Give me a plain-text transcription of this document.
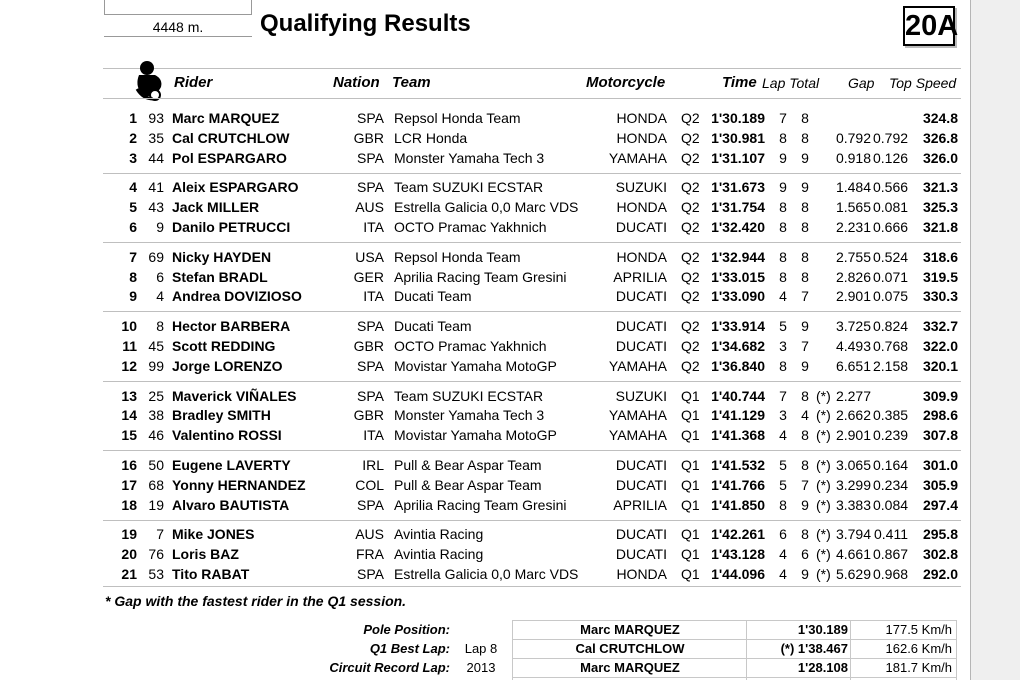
4448 m.	Qualifying Results	20A
Rider	Nation Team	Motorcycle	Time Lap Total Gap Top Speed
1 93 Marc MARQUEZ	SPA Repsol Honda Team	HONDA Q2 1'30.189 7 8	324.8
2 35 Cal CRUTCHLOW	GBR LCR Honda	HONDA Q2 1'30.981 8 8	0.792 0.792	326.8
3 44 Pol ESPARGARO	SPA Monster Yamaha Tech 3	YAMAHA Q2 1'31.107 9 9	0.918 0.126	326.0
4 41 Aleix ESPARGARO	SPA Team SUZUKI ECSTAR	SUZUKI Q2 1'31.673 9 9	1.484 0.566	321.3
5 43 Jack MILLER	AUS Estrella Galicia 0,0 Marc VDS	HONDA Q2 1'31.754 8 8	1.565 0.081	325.3
6	9 Danilo PETRUCCI	ITA OCTO Pramac Yakhnich	DUCATI Q2 1'32.420 8 8	2.231 0.666	321.8
7 69 Nicky HAYDEN	USA Repsol Honda Team	HONDA Q2 1'32.944 8 8	2.755 0.524	318.6
8	6 Stefan BRADL	GER Aprilia Racing Team Gresini	APRILIA Q2 1'33.015 8 8	2.826 0.071	319.5
9	4 Andrea DOVIZIOSO	ITA Ducati Team	DUCATI Q2 1'33.090 4 7	2.901 0.075	330.3
10	8 Hector BARBERA	SPA Ducati Team	DUCATI Q2 1'33.914 5 9	3.725 0.824	332.7
11 45 Scott REDDING	GBR OCTO Pramac Yakhnich	DUCATI Q2 1'34.682 3 7	4.493 0.768	322.0
12 99 Jorge LORENZO	SPA Movistar Yamaha MotoGP	YAMAHA Q2 1'36.840 8 9	6.651 2.158	320.1
13 25 Maverick VIÑALES	SPA Team SUZUKI ECSTAR	SUZUKI Q1 1'40.744 7 8 (*) 2.277	309.9
14 38 Bradley SMITH	GBR Monster Yamaha Tech 3	YAMAHA Q1 1'41.129 3 4 (*) 2.662 0.385	298.6
15 46 Valentino ROSSI	ITA Movistar Yamaha MotoGP	YAMAHA Q1 1'41.368 4 8 (*) 2.901 0.239	307.8
16 50 Eugene LAVERTY	IRL Pull & Bear Aspar Team	DUCATI Q1 1'41.532 5 8 (*) 3.065 0.164	301.0
17 68 Yonny HERNANDEZ	COL Pull & Bear Aspar Team	DUCATI Q1 1'41.766 5 7 (*) 3.299 0.234	305.9
18 19 Alvaro BAUTISTA	SPA Aprilia Racing Team Gresini	APRILIA Q1 1'41.850 8 9 (*) 3.383 0.084	297.4
19	7 Mike JONES	AUS Avintia Racing	DUCATI Q1 1'42.261 6 8 (*) 3.794 0.411	295.8
20 76 Loris BAZ	FRA Avintia Racing	DUCATI Q1 1'43.128 4 6 (*) 4.661 0.867	302.8
21 53 Tito RABAT	SPA Estrella Galicia 0,0 Marc VDS	HONDA Q1 1'44.096 4 9 (*) 5.629 0.968	292.0
* Gap with the fastest rider in the Q1 session.
Pole Position:	Marc MARQUEZ	1'30.189	177.5 Km/h
Q1 Best Lap:	Lap 8	Cal CRUTCHLOW	(*) 1'38.467	162.6 Km/h
Circuit Record Lap:	2013	Marc MARQUEZ	1'28.108	181.7 Km/h
